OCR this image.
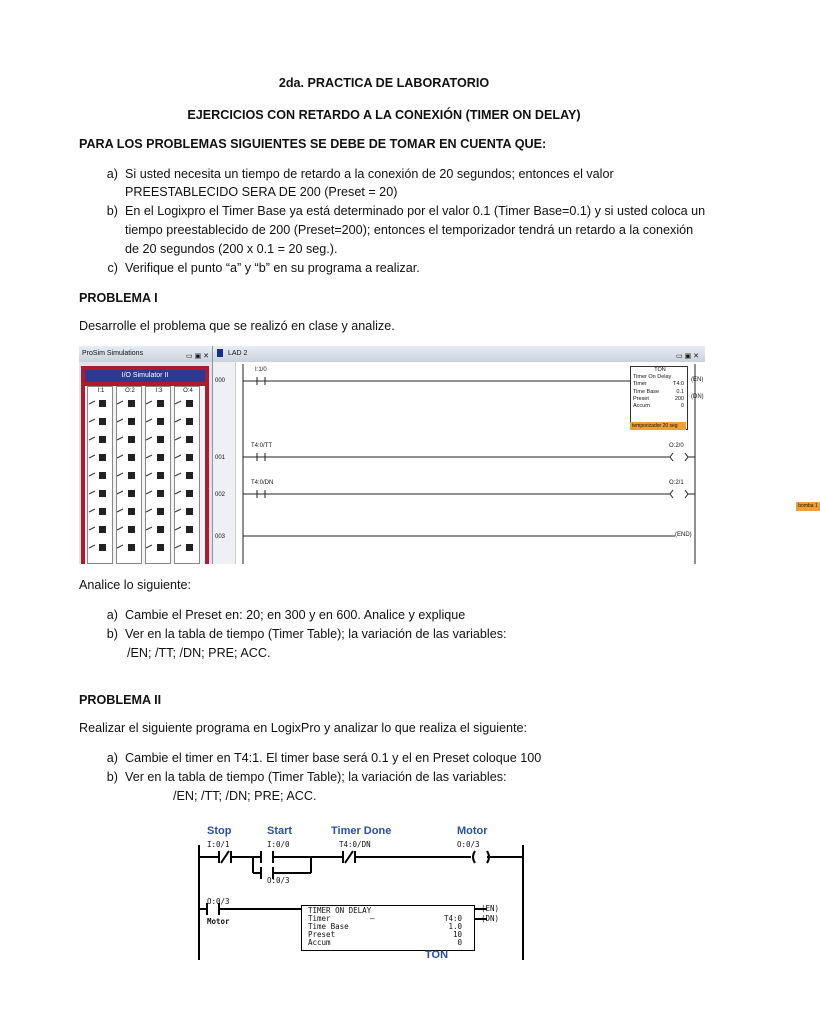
2da. PRACTICA DE LABORATORIO
EJERCICIOS CON RETARDO A LA CONEXIÓN (TIMER ON DELAY)
PARA LOS PROBLEMAS SIGUIENTES SE DEBE DE TOMAR EN CUENTA QUE:
a) Si usted necesita un tiempo de retardo a la conexión de 20 segundos; entonces el valor
PREESTABLECIDO SERA DE 200 (Preset = 20)
b) En el Logixpro el Timer Base ya está determinado por el valor 0.1 (Timer Base=0.1) y si usted coloca un
tiempo preestablecido de 200 (Preset=200); entonces el temporizador tendrá un retardo a la conexión
de 20 segundos (200 x 0.1 = 20 seg.).
c) Verifique el punto “a” y “b” en su programa a realizar.
PROBLEMA I
Desarrolle el problema que se realizó en clase y analize.
ProSim Simulations	▭ ▣ ✕
I/O Simulator II
I:1	O:2	I:3	O:4
LAD 2	▭ ▣ ✕
000
001
002
003
I:1/0
T4:0/TT
T4:0/DN
O:2/0
O:2/1
TON
Timer On Delay
Timer	T4:0
Time Base	0.1
Preset	200
Accum	0
temporizador 20 seg
(EN)
(DN)
bomba 1
(END)
Analice lo siguiente:
a) Cambie el Preset en: 20; en 300 y en 600. Analice y explique
b) Ver en la tabla de tiempo (Timer Table); la variación de las variables:
/EN; /TT; /DN; PRE; ACC.
PROBLEMA II
Realizar el siguiente programa en LogixPro y analizar lo que realiza el siguiente:
a) Cambie el timer en T4:1. El timer base será 0.1 y el en Preset coloque 100
b) Ver en la tabla de tiempo (Timer Table); la variación de las variables:
/EN; /TT; /DN; PRE; ACC.
Stop	Start	Timer Done	Motor
I:0/1	I:0/0	T4:0/DN	O:0/3
O:0/3
O:0/3
Motor
TIMER ON DELAY
Timer	–	T4:0
Time Base	1.0
Preset	10
Accum	0
(EN)
(DN)
TON
